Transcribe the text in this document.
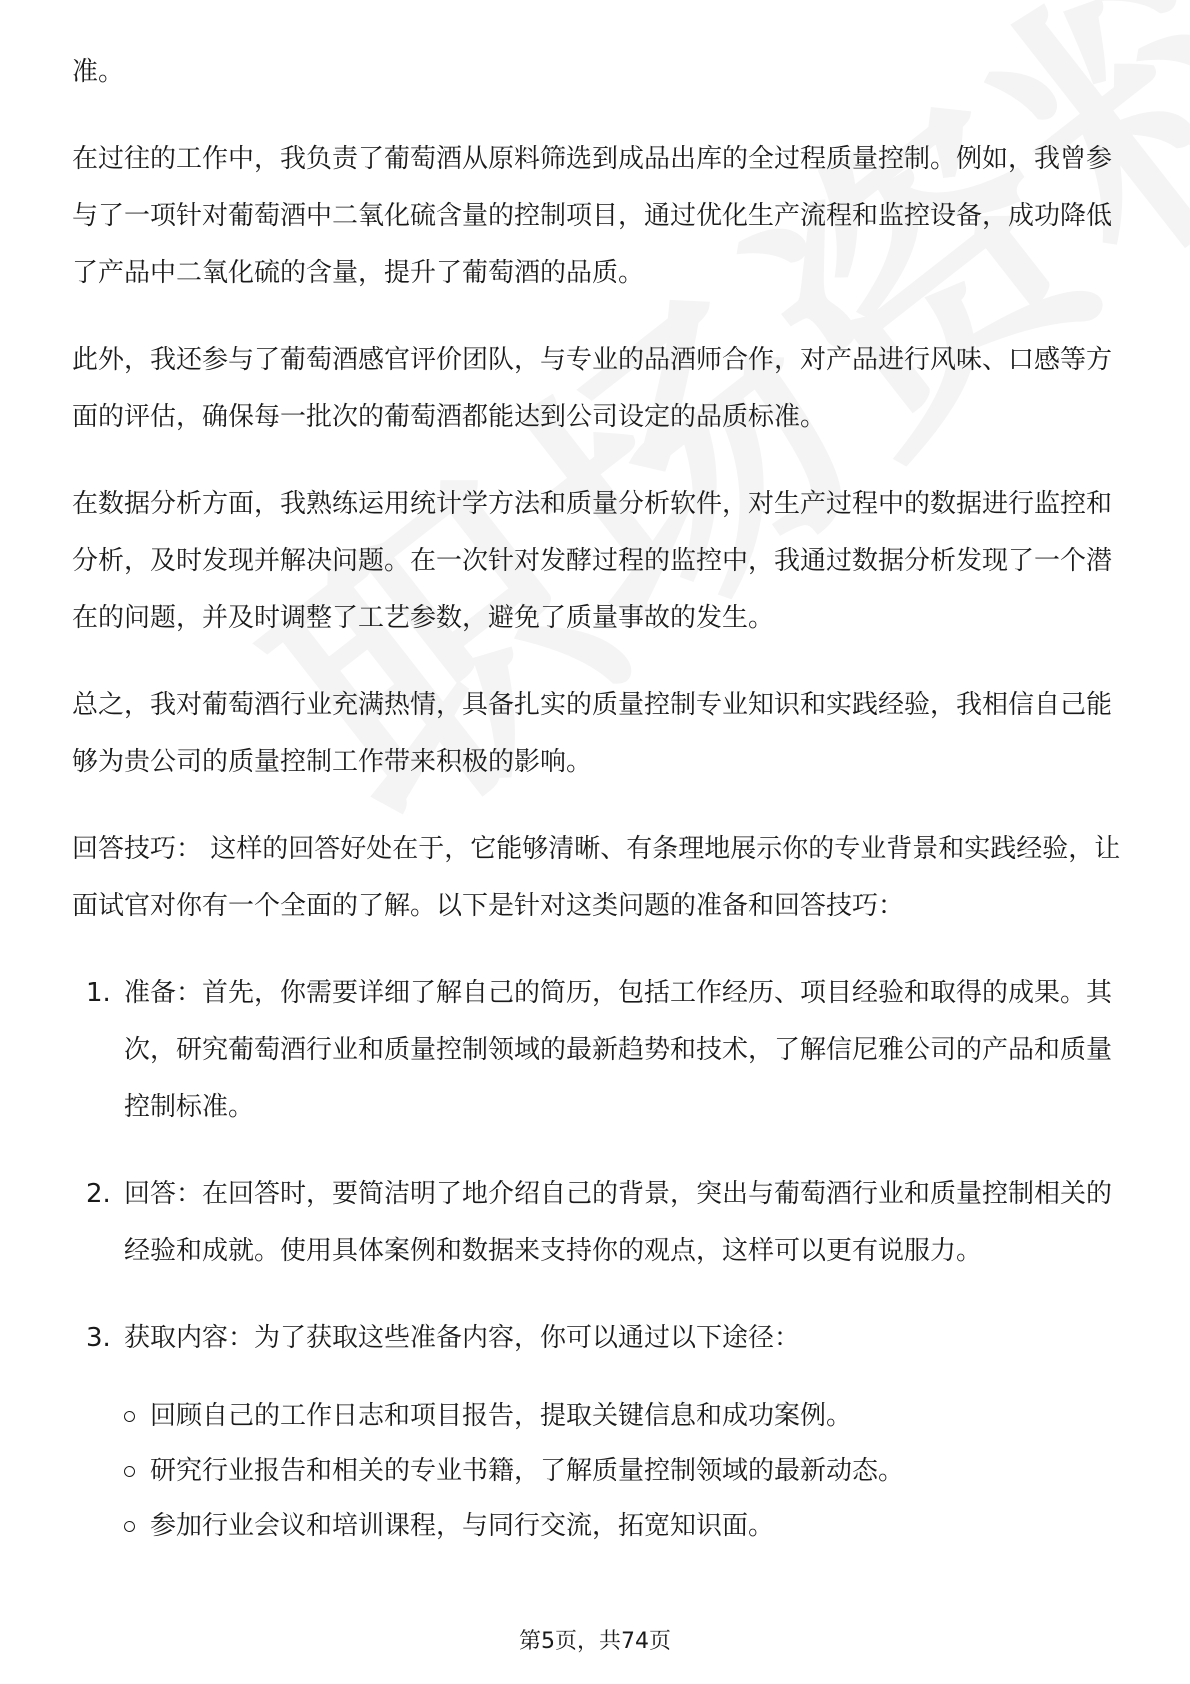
准。

在过往的工作中，我负责了葡萄酒从原料筛选到成品出库的全过程质量控制。例如，我曾参与了一项针对葡萄酒中二氧化硫含量的控制项目，通过优化生产流程和监控设备，成功降低了产品中二氧化硫的含量，提升了葡萄酒的品质。

此外，我还参与了葡萄酒感官评价团队，与专业的品酒师合作，对产品进行风味、口感等方面的评估，确保每一批次的葡萄酒都能达到公司设定的品质标准。

在数据分析方面，我熟练运用统计学方法和质量分析软件，对生产过程中的数据进行监控和分析，及时发现并解决问题。在一次针对发酵过程的监控中，我通过数据分析发现了一个潜在的问题，并及时调整了工艺参数，避免了质量事故的发生。

总之，我对葡萄酒行业充满热情，具备扎实的质量控制专业知识和实践经验，我相信自己能够为贵公司的质量控制工作带来积极的影响。

回答技巧： 这样的回答好处在于，它能够清晰、有条理地展示你的专业背景和实践经验，让面试官对你有一个全面的了解。以下是针对这类问题的准备和回答技巧：

1. 准备：首先，你需要详细了解自己的简历，包括工作经历、项目经验和取得的成果。其次，研究葡萄酒行业和质量控制领域的最新趋势和技术，了解信尼雅公司的产品和质量控制标准。
2. 回答：在回答时，要简洁明了地介绍自己的背景，突出与葡萄酒行业和质量控制相关的经验和成就。使用具体案例和数据来支持你的观点，这样可以更有说服力。
3. 获取内容：为了获取这些准备内容，你可以通过以下途径：
回顾自己的工作日志和项目报告，提取关键信息和成功案例。
研究行业报告和相关的专业书籍，了解质量控制领域的最新动态。
参加行业会议和培训课程，与同行交流，拓宽知识面。
第5页，共74页
